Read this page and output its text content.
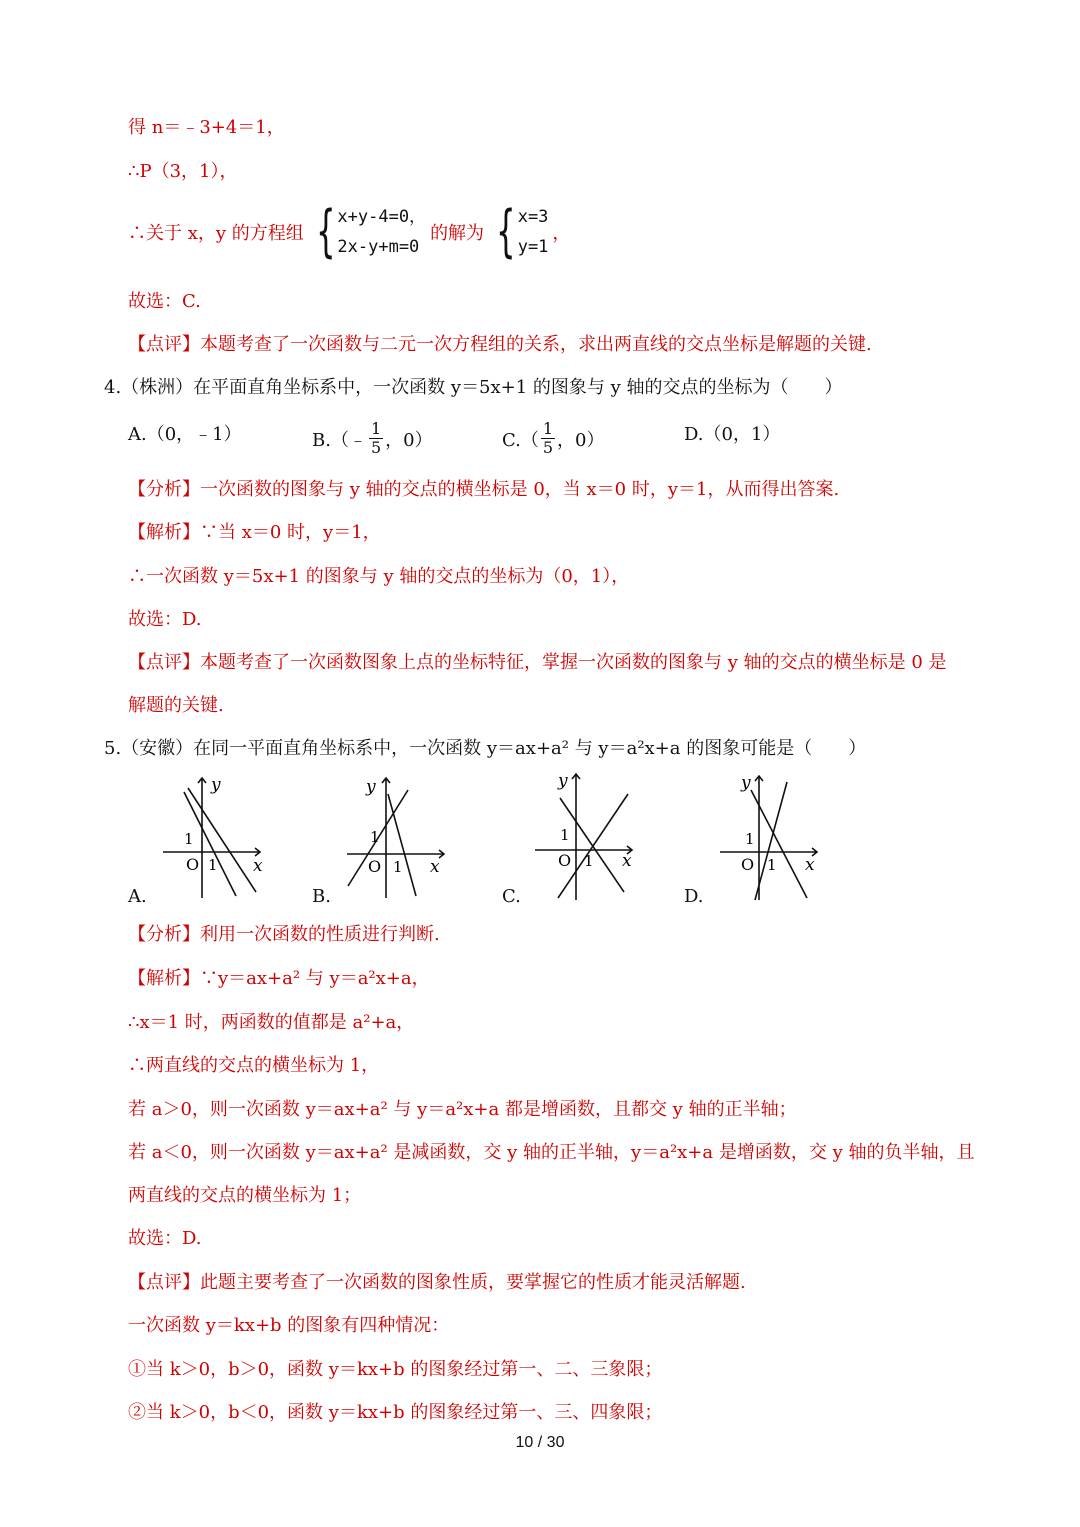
得 n＝﹣3+4＝1，
∴P（3，1），
∴关于 x，y 的方程组 { x+y-4=0，
2x-y+m=0
的解为 { x=3
y=1
，
故选：C.
【点评】本题考查了一次函数与二元一次方程组的关系，求出两直线的交点坐标是解题的关键.
4.（株洲）在平面直角坐标系中，一次函数 y＝5x+1 的图象与 y 轴的交点的坐标为（　　）
A.（0，﹣1）	B.（﹣ $\frac{1}{5}$ ，0）	$C.( \frac{1}{5}$ ，0）	D.（0，1）
【分析】一次函数的图象与 y 轴的交点的横坐标是 0，当 x＝0 时，y＝1，从而得出答案.
【解析】∵当 x＝0 时，y＝1，
∴一次函数 y＝5x+1 的图象与 y 轴的交点的坐标为（0，1），
故选：D.
【点评】本题考查了一次函数图象上点的坐标特征，掌握一次函数的图象与 y 轴的交点的横坐标是 0 是
解题的关键.
5.（安徽）在同一平面直角坐标系中，一次函数 y＝ax+a² 与 y＝a²x+a 的图象可能是（　　）
y
x
O
1
1
A.
y
x
O
1
1
B.
y
x
O
1
1
C.
y
x
O
1
1
D.
【分析】利用一次函数的性质进行判断.
【解析】∵y＝ax+a² 与 y＝a²x+a，
∴x＝1 时，两函数的值都是 a²+a，
∴两直线的交点的横坐标为 1，
若 a＞0，则一次函数 y＝ax+a² 与 y＝a²x+a 都是增函数，且都交 y 轴的正半轴；
若 a＜0，则一次函数 y＝ax+a² 是减函数，交 y 轴的正半轴，y＝a²x+a 是增函数，交 y 轴的负半轴，且
两直线的交点的横坐标为 1；
故选：D.
【点评】此题主要考查了一次函数的图象性质，要掌握它的性质才能灵活解题.
一次函数 y＝kx+b 的图象有四种情况：
①当 k＞0，b＞0，函数 y＝kx+b 的图象经过第一、二、三象限；
②当 k＞0，b＜0，函数 y＝kx+b 的图象经过第一、三、四象限；
10 / 30
